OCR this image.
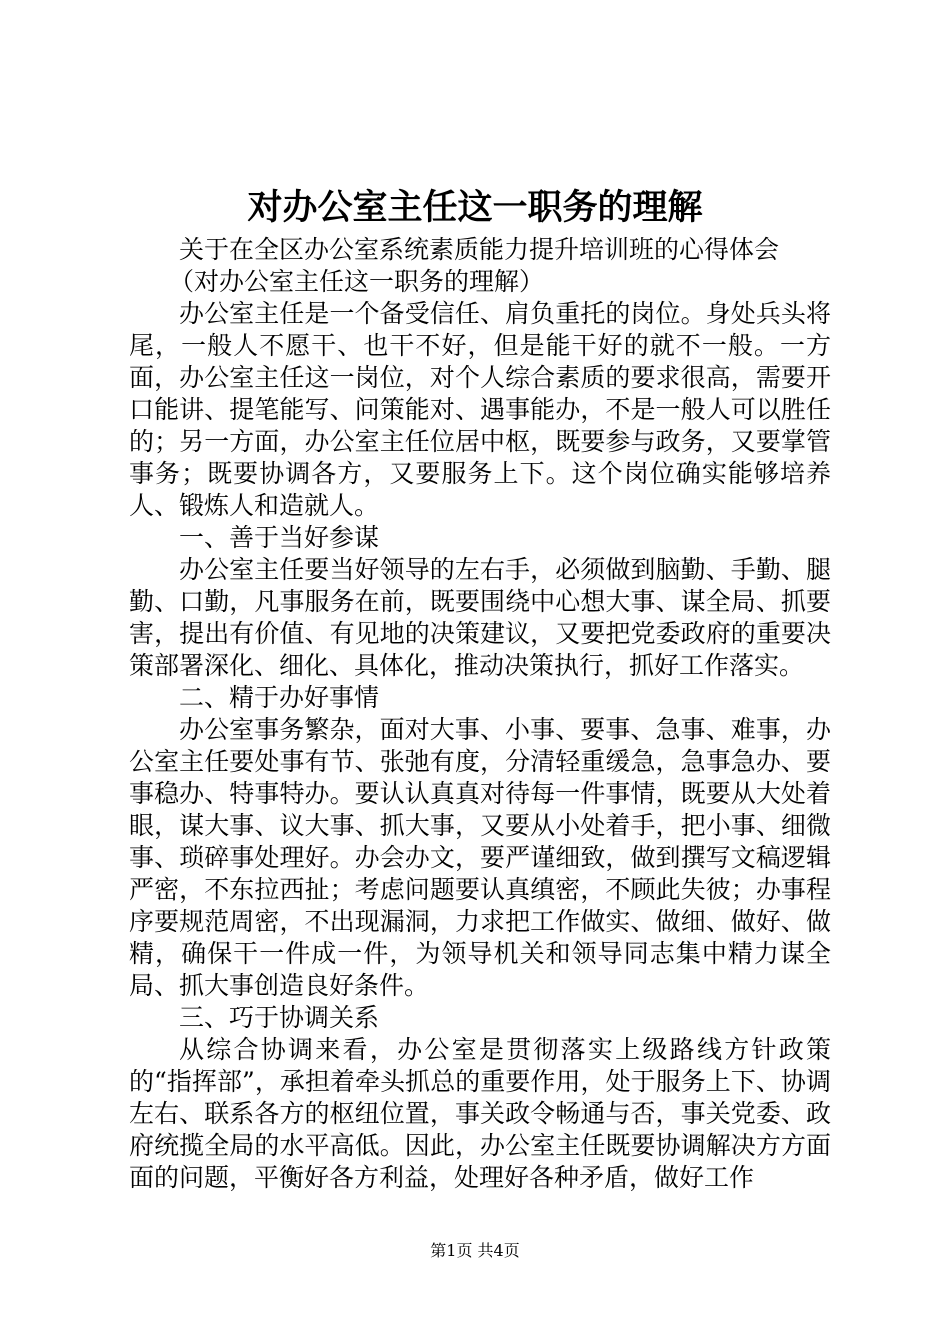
对办公室主任这一职务的理解

关于在全区办公室系统素质能力提升培训班的心得体会

（对办公室主任这一职务的理解）

办公室主任是一个备受信任、肩负重托的岗位。身处兵头将尾，一般人不愿干、也干不好，但是能干好的就不一般。一方面，办公室主任这一岗位，对个人综合素质的要求很高，需要开口能讲、提笔能写、问策能对、遇事能办，不是一般人可以胜任的；另一方面，办公室主任位居中枢，既要参与政务，又要掌管事务；既要协调各方，又要服务上下。这个岗位确实能够培养人、锻炼人和造就人。

一、善于当好参谋

办公室主任要当好领导的左右手，必须做到脑勤、手勤、腿勤、口勤，凡事服务在前，既要围绕中心想大事、谋全局、抓要害，提出有价值、有见地的决策建议，又要把党委政府的重要决策部署深化、细化、具体化，推动决策执行，抓好工作落实。

二、精于办好事情

办公室事务繁杂，面对大事、小事、要事、急事、难事，办公室主任要处事有节、张弛有度，分清轻重缓急，急事急办、要事稳办、特事特办。要认认真真对待每一件事情，既要从大处着眼，谋大事、议大事、抓大事，又要从小处着手，把小事、细微事、琐碎事处理好。办会办文，要严谨细致，做到撰写文稿逻辑严密，不东拉西扯；考虑问题要认真缜密，不顾此失彼；办事程序要规范周密，不出现漏洞，力求把工作做实、做细、做好、做精，确保干一件成一件，为领导机关和领导同志集中精力谋全局、抓大事创造良好条件。

三、巧于协调关系

从综合协调来看，办公室是贯彻落实上级路线方针政策的“指挥部”，承担着牵头抓总的重要作用，处于服务上下、协调左右、联系各方的枢纽位置，事关政令畅通与否，事关党委、政府统揽全局的水平高低。因此，办公室主任既要协调解决方方面面的问题，平衡好各方利益，处理好各种矛盾，做好工作

第1页 共4页
